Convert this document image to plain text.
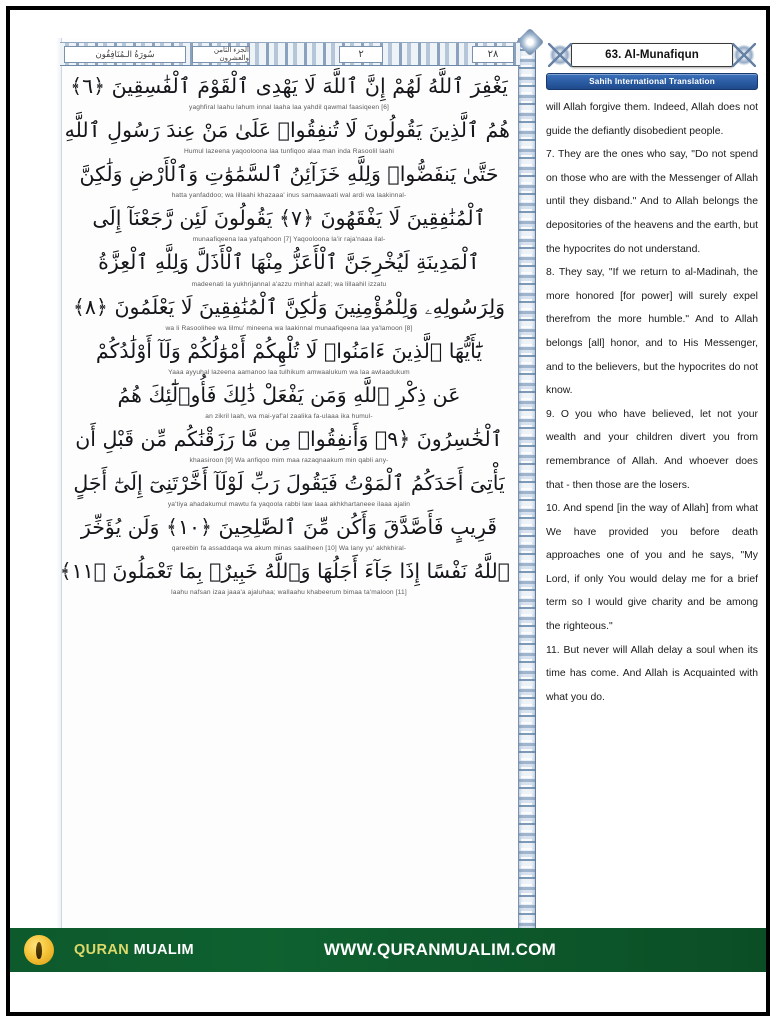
سُورَةُ الـمُنَافِقُون	الجزء الثامن والعشرون	٢	٢٨
يَغْفِرَ ٱللَّهُ لَهُمْ إِنَّ ٱللَّهَ لَا يَهْدِى ٱلْقَوْمَ ٱلْفَٰسِقِينَ ﴿٦﴾
yaghfiral laahu lahum innal laaha laa yahdil qawmal faasiqeen [6]
هُمُ ٱلَّذِينَ يَقُولُونَ لَا تُنفِقُوا۟ عَلَىٰ مَنْ عِندَ رَسُولِ ٱللَّهِ
Humul lazeena yaqooloona laa tunfiqoo alaa man inda Rasoolil laahi
حَتَّىٰ يَنفَضُّوا۟ وَلِلَّهِ خَزَآئِنُ ٱلسَّمَٰوَٰتِ وَٱلْأَرْضِ وَلَٰكِنَّ
hatta yanfaddoo; wa lillaahi khazaaa' inus samaawaati wal ardi wa laakinnal-
ٱلْمُنَٰفِقِينَ لَا يَفْقَهُونَ ﴿٧﴾ يَقُولُونَ لَئِن رَّجَعْنَآ إِلَى
munaafiqeena laa yafqahoon [7] Yaqooloona la'ir raja'naaa ilal-
ٱلْمَدِينَةِ لَيُخْرِجَنَّ ٱلْأَعَزُّ مِنْهَا ٱلْأَذَلَّ وَلِلَّهِ ٱلْعِزَّةُ
madeenati la yukhrijannal a'azzu minhal azall; wa lillaahil izzatu
وَلِرَسُولِهِۦ وَلِلْمُؤْمِنِينَ وَلَٰكِنَّ ٱلْمُنَٰفِقِينَ لَا يَعْلَمُونَ ﴿٨﴾
wa li Rasoolihee wa lilmu' mineena wa laakinnal munaafiqeena laa ya'lamoon [8]
يَٰٓأَيُّهَا ٱلَّذِينَ ءَامَنُوا۟ لَا تُلْهِكُمْ أَمْوَٰلُكُمْ وَلَآ أَوْلَٰدُكُمْ
Yaaa ayyuhal lazeena aamanoo laa tulhikum amwaalukum wa laa awlaadukum
عَن ذِكْرِ ٱللَّهِ وَمَن يَفْعَلْ ذَٰلِكَ فَأُو۟لَٰٓئِكَ هُمُ
an zikril laah, wa mai-yaf'al zaalika fa-ulaaa ika humul-
ٱلْخَٰسِرُونَ ﴿٩﴾ وَأَنفِقُوا۟ مِن مَّا رَزَقْنَٰكُم مِّن قَبْلِ أَن
khaasiroon [9] Wa anfiqoo mim maa razaqnaakum min qabli any-
يَأْتِىَ أَحَدَكُمُ ٱلْمَوْتُ فَيَقُولَ رَبِّ لَوْلَآ أَخَّرْتَنِىٓ إِلَىٰٓ أَجَلٍ
ya'tiya ahadakumul mawtu fa yaqoola rabbi law laaa akhkhartaneee ilaaa ajalin
قَرِيبٍ فَأَصَّدَّقَ وَأَكُن مِّنَ ٱلصَّٰلِحِينَ ﴿١٠﴾ وَلَن يُؤَخِّرَ
qareebin fa assaddaqa wa akum minas saaliheen [10] Wa lany yu' akhkhiral-
ٱللَّهُ نَفْسًا إِذَا جَآءَ أَجَلُهَا وَٱللَّهُ خَبِيرٌۢ بِمَا تَعْمَلُونَ ﴿١١﴾
laahu nafsan izaa jaaa'a ajaluhaa; wallaahu khabeerum bimaa ta'maloon [11]
63. Al-Munafiqun
Sahih International Translation

will Allah forgive them. Indeed, Allah does not guide the defiantly disobedient people.

7. They are the ones who say, "Do not spend on those who are with the Messenger of Allah until they disband." And to Allah belongs the depositories of the heavens and the earth, but the hypocrites do not understand.

8. They say, "If we return to al-Madinah, the more honored [for power] will surely expel therefrom the more humble." And to Allah belongs [all] honor, and to His Messenger, and to the believers, but the hypocrites do not know.

9. O you who have believed, let not your wealth and your children divert you from remembrance of Allah. And whoever does that - then those are the losers.

10. And spend [in the way of Allah] from what We have provided you before death approaches one of you and he says, "My Lord, if only You would delay me for a brief term so I would give charity and be among the righteous."

11. But never will Allah delay a soul when its time has come. And Allah is Acquainted with what you do.

QURAN MUALIM	WWW.QURANMUALIM.COM
